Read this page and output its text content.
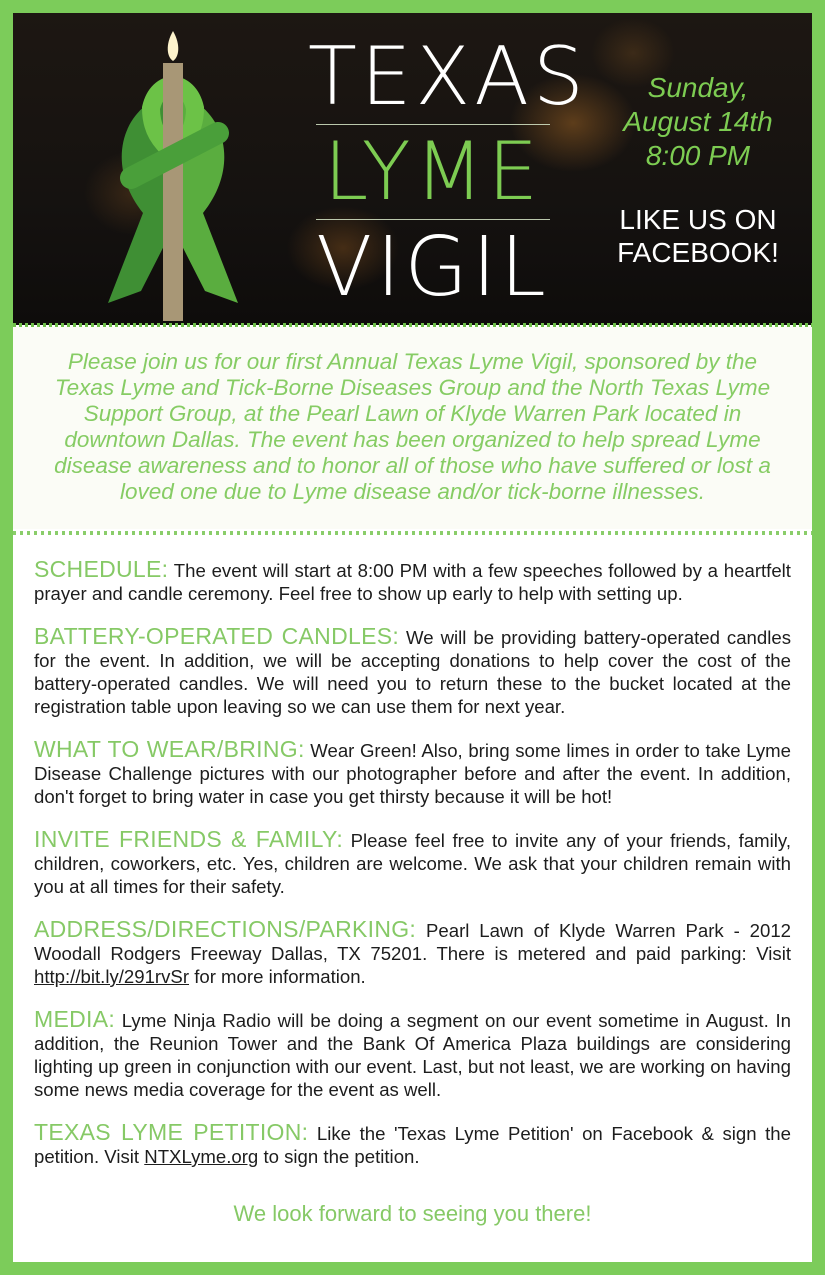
TEXAS
LYME
VIGIL
Sunday,
August 14th
8:00 PM
LIKE US ON
FACEBOOK!

Please join us for our first Annual Texas Lyme Vigil, sponsored by the Texas Lyme and Tick-Borne Diseases Group and the North Texas Lyme Support Group, at the Pearl Lawn of Klyde Warren Park located in downtown Dallas. The event has been organized to help spread Lyme disease awareness and to honor all of those who have suffered or lost a loved one due to Lyme disease and/or tick-borne illnesses.

SCHEDULE: The event will start at 8:00 PM with a few speeches followed by a heartfelt prayer and candle ceremony. Feel free to show up early to help with setting up.

BATTERY-OPERATED CANDLES: We will be providing battery-operated candles for the event. In addition, we will be accepting donations to help cover the cost of the battery-operated candles. We will need you to return these to the bucket located at the registration table upon leaving so we can use them for next year.

WHAT TO WEAR/BRING: Wear Green! Also, bring some limes in order to take Lyme Disease Challenge pictures with our photographer before and after the event. In addition, don't forget to bring water in case you get thirsty because it will be hot!

INVITE FRIENDS & FAMILY: Please feel free to invite any of your friends, family, children, coworkers, etc. Yes, children are welcome. We ask that your children remain with you at all times for their safety.

ADDRESS/DIRECTIONS/PARKING: Pearl Lawn of Klyde Warren Park - 2012 Woodall Rodgers Freeway Dallas, TX 75201. There is metered and paid parking: Visit http://bit.ly/291rvSr for more information.

MEDIA: Lyme Ninja Radio will be doing a segment on our event sometime in August. In addition, the Reunion Tower and the Bank Of America Plaza buildings are considering lighting up green in conjunction with our event. Last, but not least, we are working on having some news media coverage for the event as well.

TEXAS LYME PETITION: Like the 'Texas Lyme Petition' on Facebook & sign the petition. Visit NTXLyme.org to sign the petition.

We look forward to seeing you there!
